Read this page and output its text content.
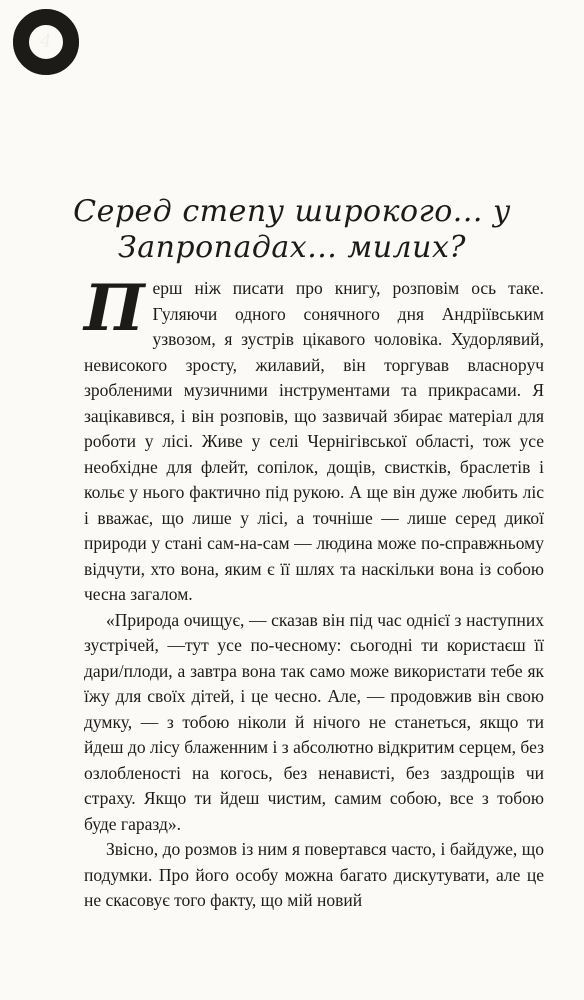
4
Серед степу широкого... у
Запропадах... милих?

Перш ніж писати про книгу, розповім ось таке. Гуляючи одного сонячного дня Андріївським узвозом, я зустрів цікавого чоловіка. Худорлявий, невисокого зросту, жилавий, він торгував власноруч зробленими музичними інструментами та прикрасами. Я зацікавився, і він розповів, що зазвичай збирає матеріал для роботи у лісі. Живе у селі Чернігівської області, тож усе необхідне для флейт, сопілок, дощів, свистків, браслетів і кольє у нього фактично під рукою. А ще він дуже любить ліс і вважає, що лише у лісі, а точніше — лише серед дикої природи у стані сам-на-сам — людина може по-справжньому відчути, хто вона, яким є її шлях та наскільки вона із собою чесна загалом.

«Природа очищує, — сказав він під час однієї з наступних зустрічей, —тут усе по-чесному: сьогодні ти користаєш її дари/плоди, а завтра вона так само може використати тебе як їжу для своїх дітей, і це чесно. Але, — продовжив він свою думку, — з тобою ніколи й нічого не станеться, якщо ти йдеш до лісу блаженним і з абсолютно відкритим серцем, без озлобленості на когось, без ненависті, без заздрощів чи страху. Якщо ти йдеш чистим, самим собою, все з тобою буде гаразд».

Звісно, до розмов із ним я повертався часто, і байдуже, що подумки. Про його особу можна багато дискутувати, але це не скасовує того факту, що мій новий
